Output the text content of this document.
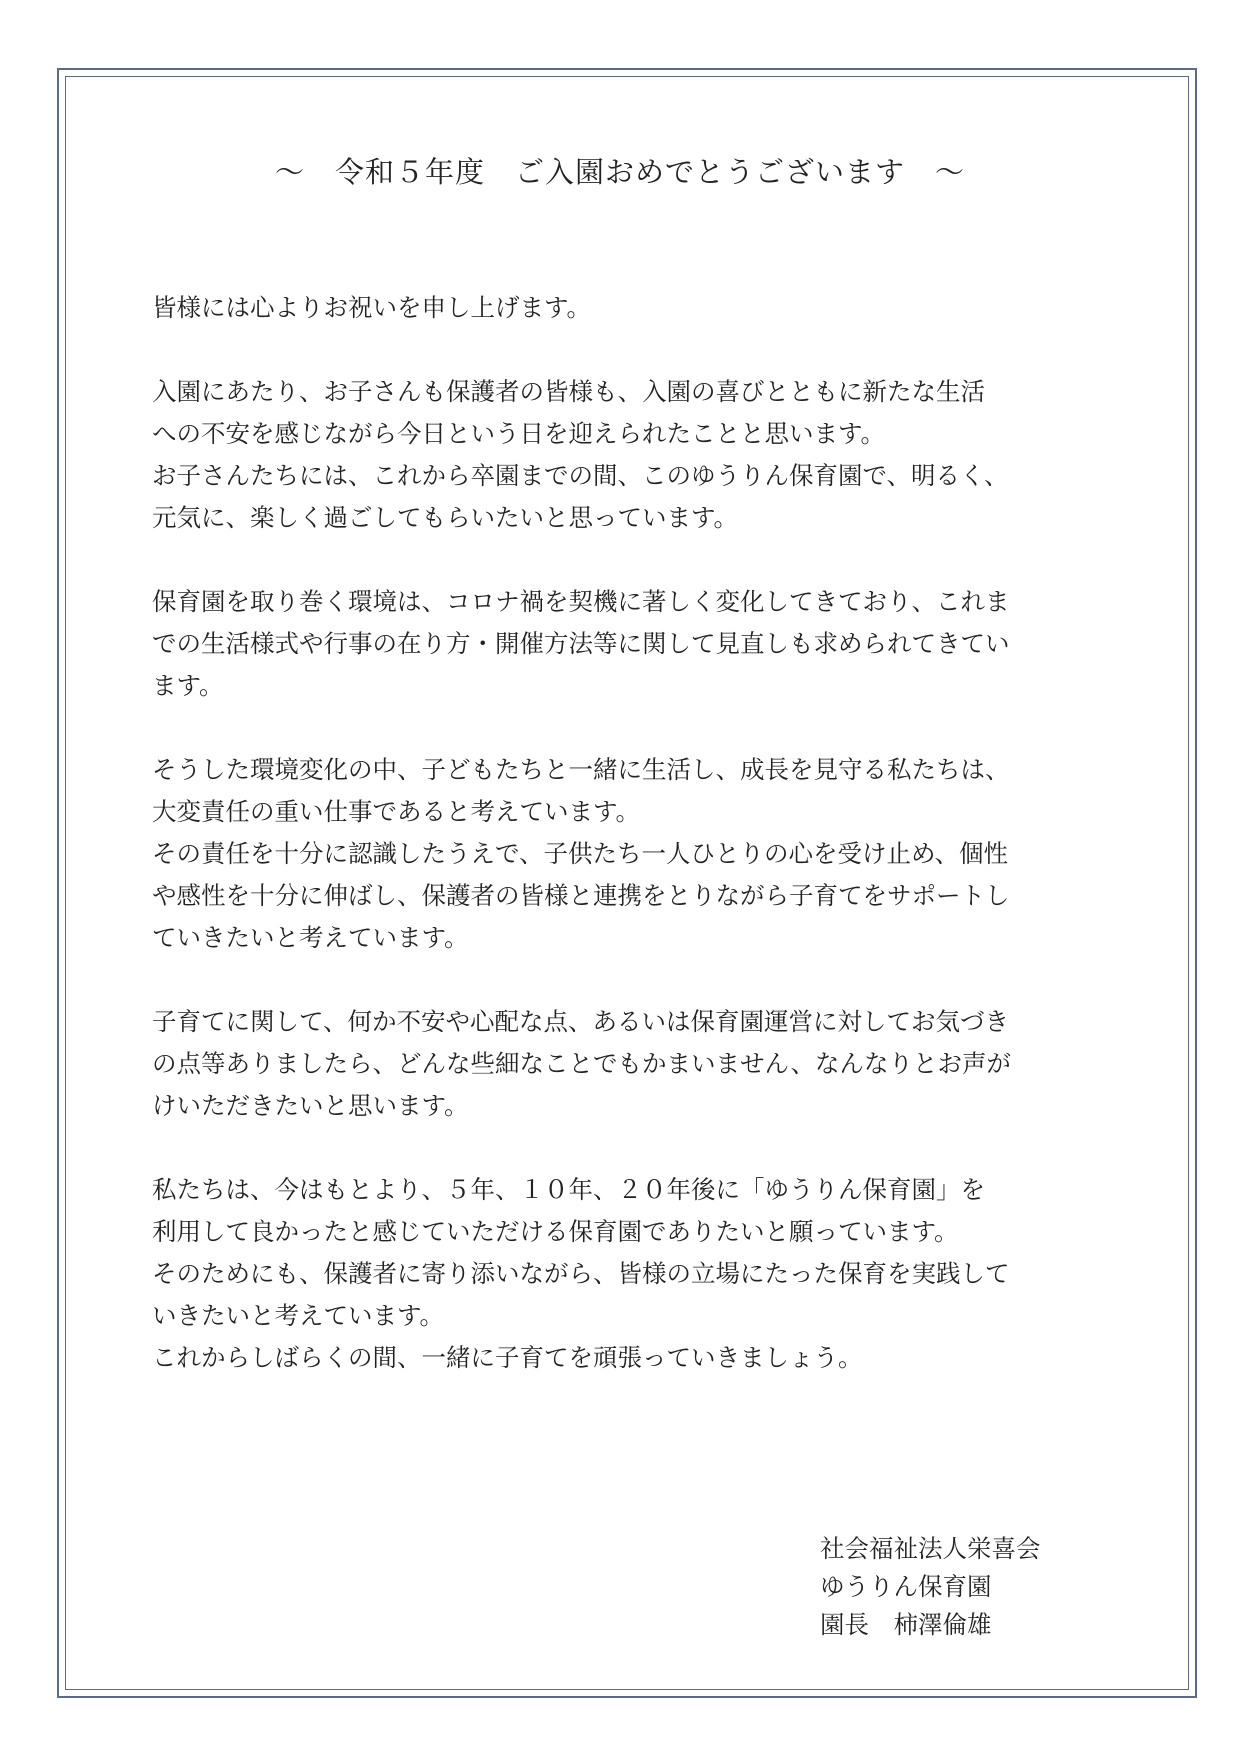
～　令和５年度　ご入園おめでとうございます　～
皆様には心よりお祝いを申し上げます。
入園にあたり、お子さんも保護者の皆様も、入園の喜びとともに新たな生活
への不安を感じながら今日という日を迎えられたことと思います。
お子さんたちには、これから卒園までの間、このゆうりん保育園で、明るく、
元気に、楽しく過ごしてもらいたいと思っています。
保育園を取り巻く環境は、コロナ禍を契機に著しく変化してきており、これま
での生活様式や行事の在り方・開催方法等に関して見直しも求められてきてい
ます。
そうした環境変化の中、子どもたちと一緒に生活し、成長を見守る私たちは、
大変責任の重い仕事であると考えています。
その責任を十分に認識したうえで、子供たち一人ひとりの心を受け止め、個性
や感性を十分に伸ばし、保護者の皆様と連携をとりながら子育てをサポートし
ていきたいと考えています。
子育てに関して、何か不安や心配な点、あるいは保育園運営に対してお気づき
の点等ありましたら、どんな些細なことでもかまいません、なんなりとお声が
けいただきたいと思います。
私たちは、今はもとより、５年、１０年、２０年後に「ゆうりん保育園」を
利用して良かったと感じていただける保育園でありたいと願っています。
そのためにも、保護者に寄り添いながら、皆様の立場にたった保育を実践して
いきたいと考えています。
これからしばらくの間、一緒に子育てを頑張っていきましょう。
社会福祉法人栄喜会
ゆうりん保育園
園長　柿澤倫雄
